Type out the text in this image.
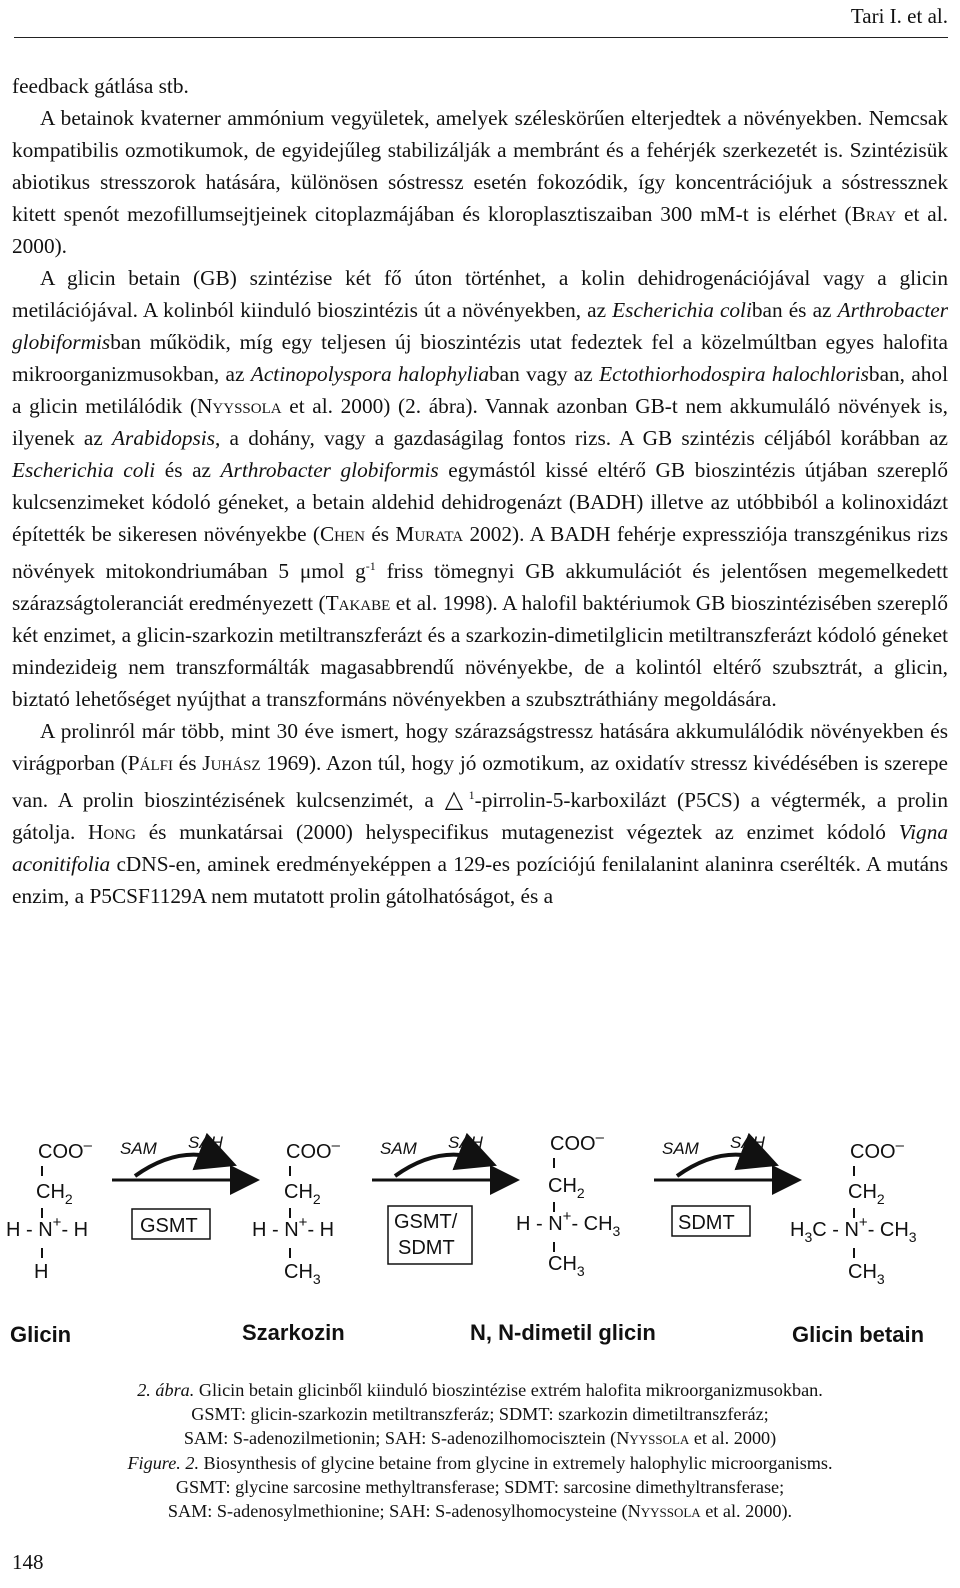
Tari I. et al.

feedback gátlása stb.

A betainok kvaterner ammónium vegyületek, amelyek széleskörűen elterjedtek a növényekben. Nemcsak kompatibilis ozmotikumok, de egyidejűleg stabilizálják a membránt és a fehérjék szerkezetét is. Szintézisük abiotikus stresszorok hatására, különösen sóstressz esetén fokozódik, így koncentrációjuk a sóstressznek kitett spenót mezofillumsejtjeinek citoplazmájában és kloroplasztiszaiban 300 mM-t is elérhet (Bray et al. 2000).

A glicin betain (GB) szintézise két fő úton történhet, a kolin dehidrogenációjával vagy a glicin metilációjával. A kolinból kiinduló bioszintézis út a növényekben, az Escherichia coliban és az Arthrobacter globiformisban működik, míg egy teljesen új bioszintézis utat fedeztek fel a közelmúltban egyes halofita mikroorganizmusokban, az Actinopolyspora halophyliaban vagy az Ectothiorhodospira halochlorisban, ahol a glicin metilálódik (Nyyssola et al. 2000) (2. ábra). Vannak azonban GB-t nem akkumuláló növények is, ilyenek az Arabidopsis, a dohány, vagy a gazdaságilag fontos rizs. A GB szintézis céljából korábban az Escherichia coli és az Arthrobacter globiformis egymástól kissé eltérő GB bioszintézis útjában szereplő kulcsenzimeket kódoló géneket, a betain aldehid dehidrogenázt (BADH) illetve az utóbbiból a kolinoxidázt építették be sikeresen növényekbe (Chen és Murata 2002). A BADH fehérje expressziója transzgénikus rizs növények mitokondriumában 5 μmol $g^{-1}$ friss tömegnyi GB akkumulációt és jelentősen megemelkedett szárazságtoleranciát eredményezett (Takabe et al. 1998). A halofil baktériumok GB bioszintézisében szereplő két enzimet, a glicin-szarkozin metiltranszferázt és a szarkozin-dimetilglicin metiltranszferázt kódoló géneket mindezideig nem transzformálták magasabbrendű növényekbe, de a kolintól eltérő szubsztrát, a glicin, biztató lehetőséget nyújthat a transzformáns növényekben a szubsztráthiány megoldására.

A prolinról már több, mint 30 éve ismert, hogy szárazságstressz hatására akkumulálódik növényekben és virágporban (Pálfi és Juhász 1969). Azon túl, hogy jó ozmotikum, az oxidatív stressz kivédésében is szerepe van. A prolin bioszintézisének kulcsenzimét, a △$^1$-pirrolin-5-karboxilázt (P5CS) a végtermék, a prolin gátolja. Hong és munkatársai (2000) helyspecifikus mutagenezist végeztek az enzimet kódoló Vigna aconitifolia cDNS-en, aminek eredményeképpen a 129-es pozíciójú fenilalanint alaninra cserélték. A mutáns enzim, a P5CSF1129A nem mutatott prolin gátolhatóságot, és a

COO–
$CH_2$
H - N+- H
H
SAM SAH
GSMT
COO–
$CH_2$
H - N+- H
$CH_3$
SAM SAH
GSMT/
SDMT
COO–
$CH_2$
H - N+- $CH_3$
$CH_3$
SAM SAH
SDMT
COO–
$CH_2$
$H_3C - N^+-$ $CH_3$
$CH_3$
Glicin	Szarkozin	N, N-dimetil glicin	Glicin betain
2. ábra. Glicin betain glicinből kiinduló bioszintézise extrém halofita mikroorganizmusokban.
GSMT: glicin-szarkozin metiltranszferáz; SDMT: szarkozin dimetiltranszferáz;
SAM: S-adenozilmetionin; SAH: S-adenozilhomocisztein (Nyyssola et al. 2000)
Figure. 2. Biosynthesis of glycine betaine from glycine in extremely halophylic microorganisms.
GSMT: glycine sarcosine methyltransferase; SDMT: sarcosine dimethyltransferase;
SAM: S-adenosylmethionine; SAH: S-adenosylhomocysteine (Nyyssola et al. 2000).
148
